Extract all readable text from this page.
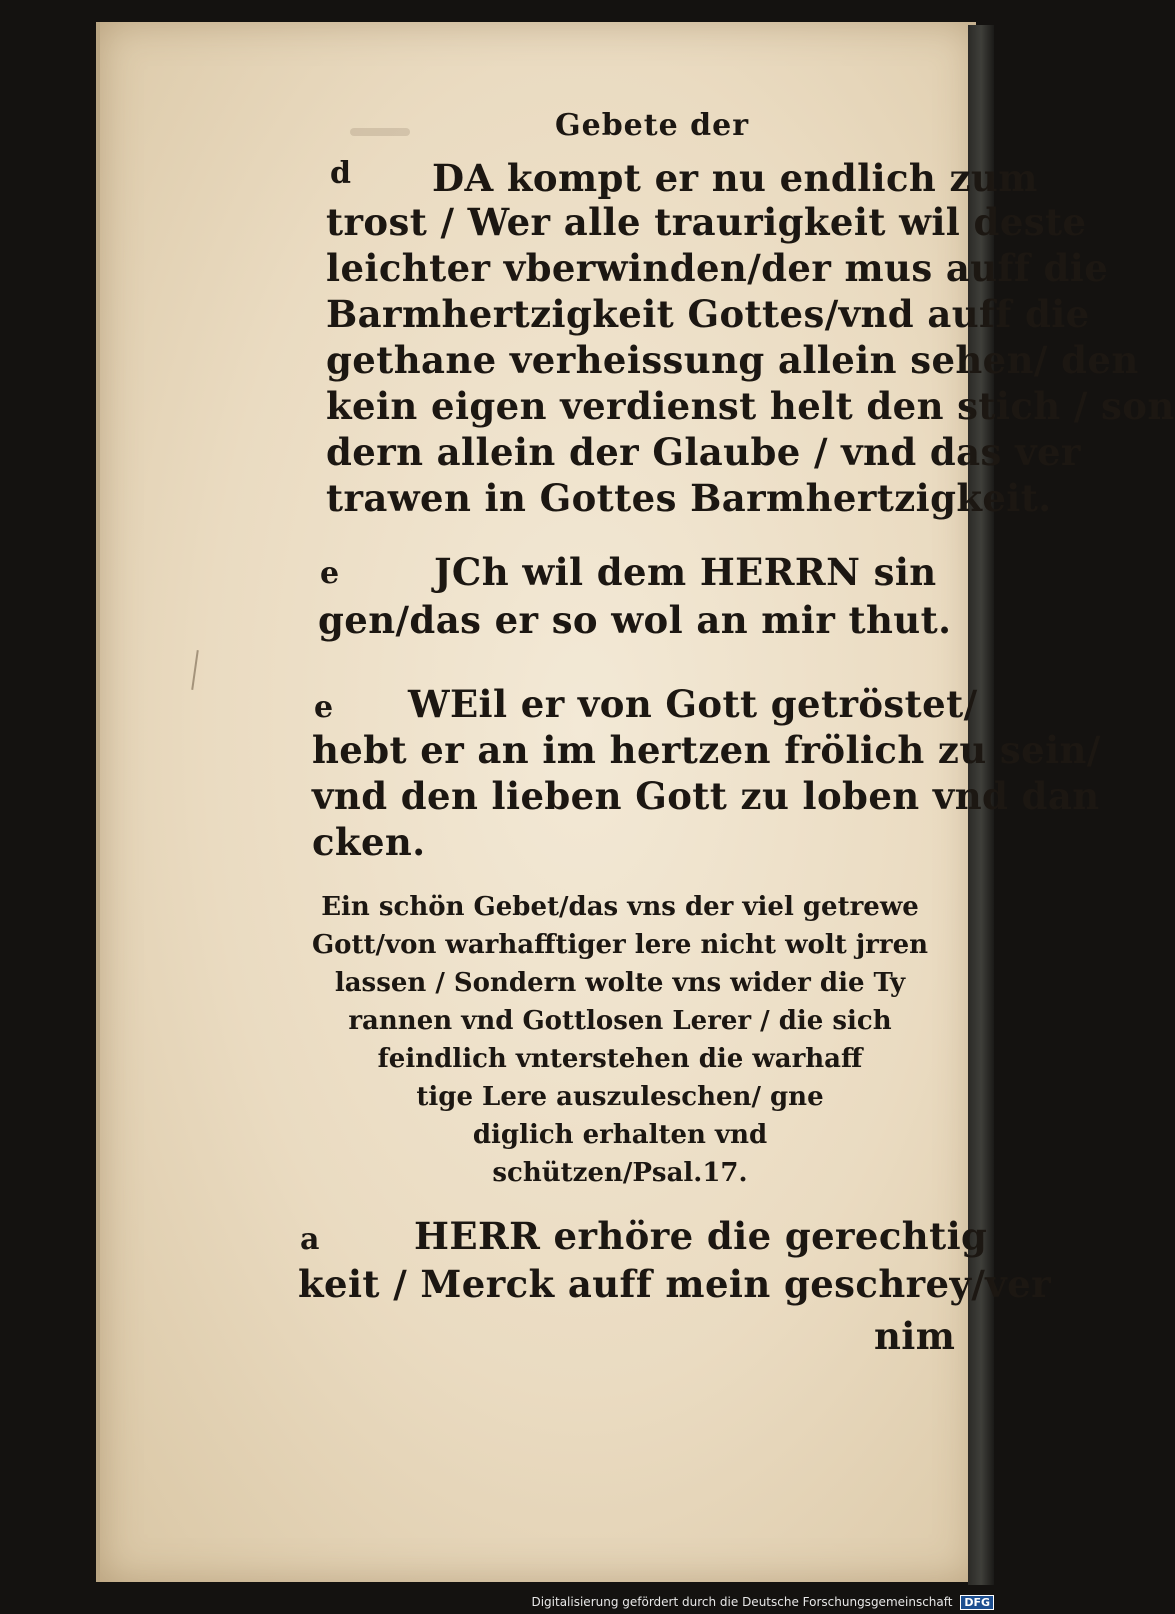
Gebete der
d DA kompt er nu endlich zum
trost / Wer alle traurigkeit wil deste
leichter vberwinden/der mus auff die
Barmhertzigkeit Gottes/vnd auff die
gethane verheissung allein sehen/ den
kein eigen verdienst helt den stich / son
dern allein der Glaube / vnd das ver
trawen in Gottes Barmhertzigkeit.
e	JCh wil dem HERRN sin
gen/das er so wol an mir thut.
e WEil er von Gott getröstet/
hebt er an im hertzen frölich zu sein/
vnd den lieben Gott zu loben vnd dan
cken.
Ein schön Gebet/das vns der viel getrewe
Gott/von warhafftiger lere nicht wolt jrren
lassen / Sondern wolte vns wider die Ty
rannen vnd Gottlosen Lerer / die sich
feindlich vnterstehen die warhaff
tige Lere auszuleschen/ gne
diglich erhalten vnd
schützen/Psal.17.
a	HERR erhöre die gerechtig
keit / Merck auff mein geschrey/ver
nim
Digitalisierung gefördert durch die Deutsche Forschungsgemeinschaft DFG
